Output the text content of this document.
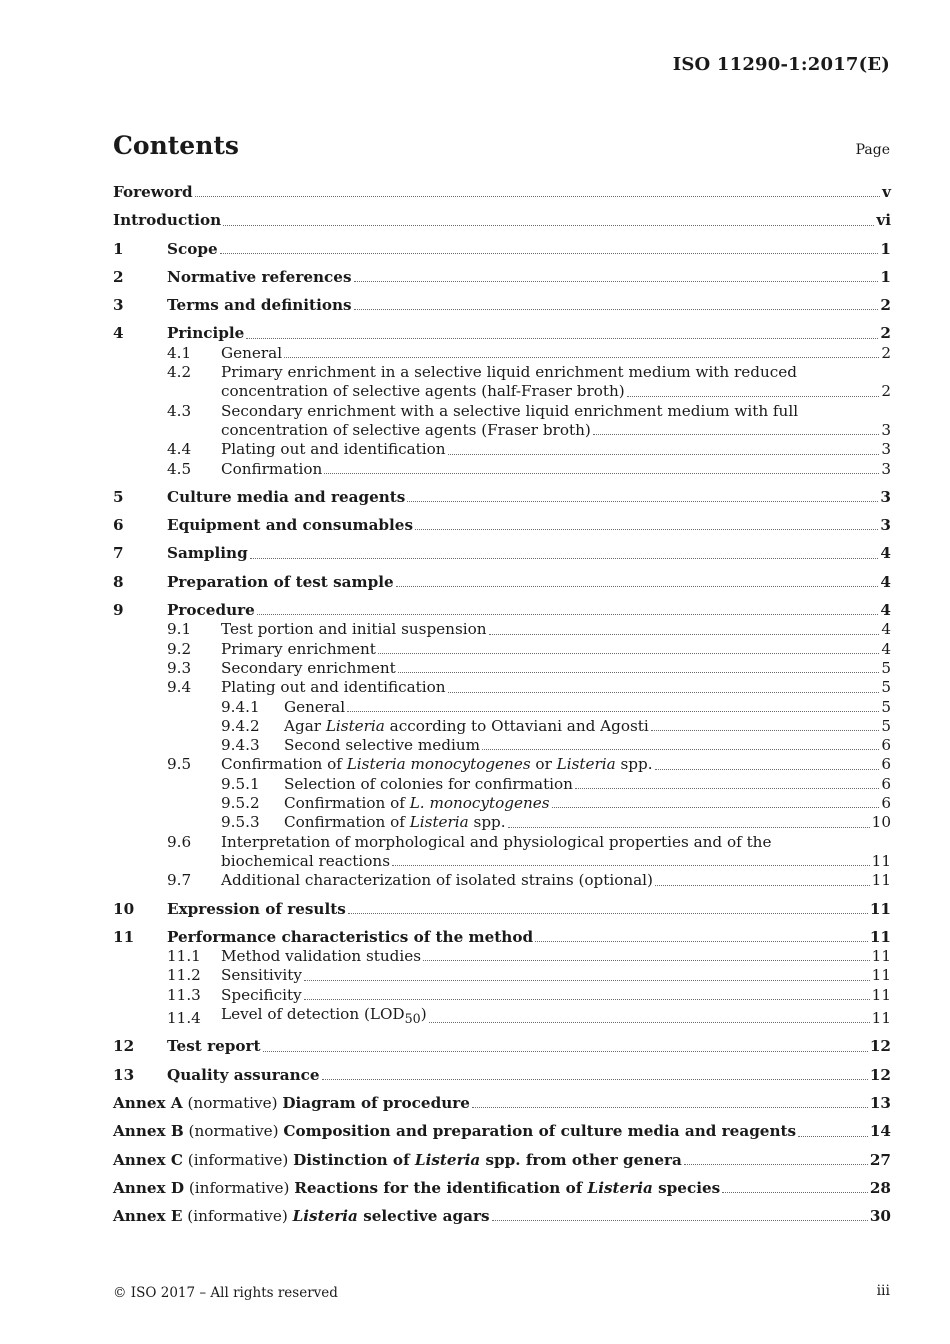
ISO 11290-1:2017(E)
Contents	Page
Foreword	v
Introduction	vi
1	Scope	1
2	Normative references	1
3	Terms and definitions	2
4	Principle	2
4.1	General	2
4.2	Primary enrichment in a selective liquid enrichment medium with reduced
concentration of selective agents (half-Fraser broth)	2
4.3	Secondary enrichment with a selective liquid enrichment medium with full
concentration of selective agents (Fraser broth)	3
4.4	Plating out and identification	3
4.5	Confirmation	3
5	Culture media and reagents	3
6	Equipment and consumables	3
7	Sampling	4
8	Preparation of test sample	4
9	Procedure	4
9.1	Test portion and initial suspension	4
9.2	Primary enrichment	4
9.3	Secondary enrichment	5
9.4	Plating out and identification	5
9.4.1	General	5
9.4.2	Agar Listeria according to Ottaviani and Agosti	5
9.4.3	Second selective medium	6
9.5	Confirmation of Listeria monocytogenes or Listeria spp.	6
9.5.1	Selection of colonies for confirmation	6
9.5.2	Confirmation of L. monocytogenes	6
9.5.3	Confirmation of Listeria spp.	10
9.6	Interpretation of morphological and physiological properties and of the
biochemical reactions	11
9.7	Additional characterization of isolated strains (optional)	11
10	Expression of results	11
11	Performance characteristics of the method	11
11.1	Method validation studies	11
11.2	Sensitivity	11
11.3	Specificity	11
11.4	Level of detection $(LOD_{50})$	11
12	Test report	12
13	Quality assurance	12
Annex A (normative) Diagram of procedure	13
Annex B (normative) Composition and preparation of culture media and reagents	14
Annex C (informative) Distinction of Listeria spp. from other genera	27
Annex D (informative) Reactions for the identification of Listeria species	28
Annex E (informative) Listeria selective agars	30
© ISO 2017 – All rights reserved	iii
